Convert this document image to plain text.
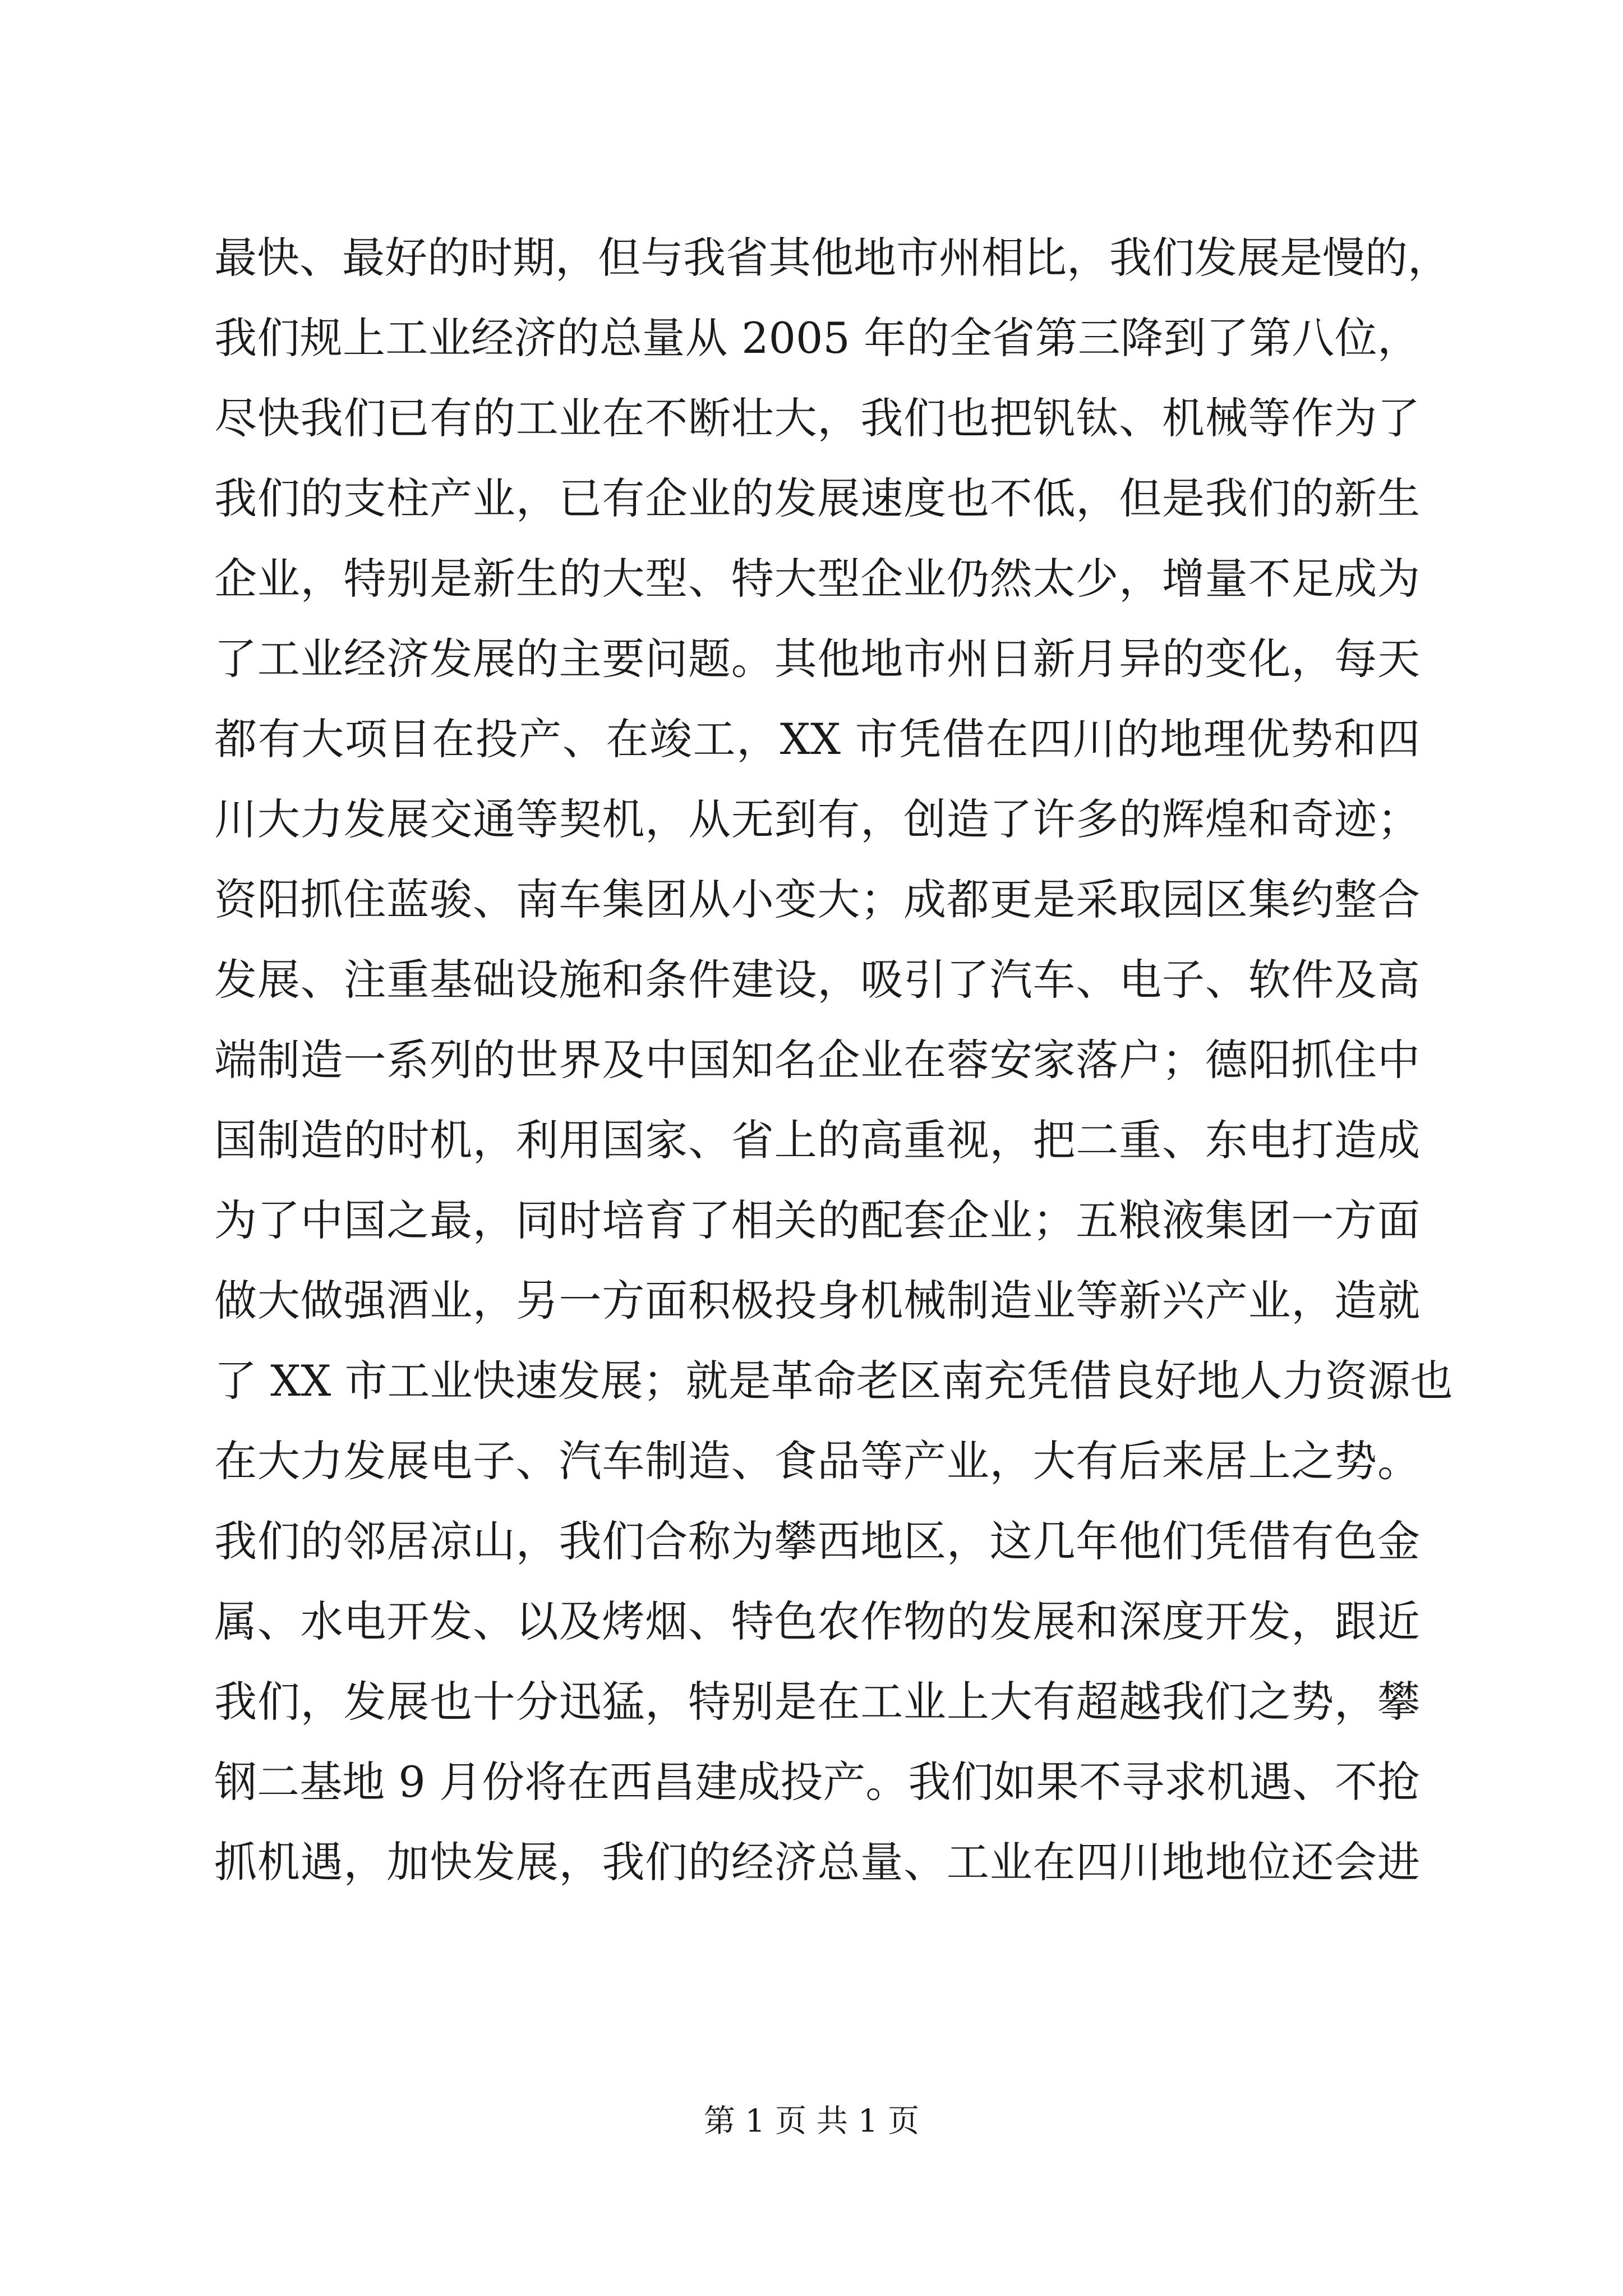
最快、最好的时期，但与我省其他地市州相比，我们发展是慢的，
我们规上工业经济的总量从 2005 年的全省第三降到了第八位，
尽快我们已有的工业在不断壮大，我们也把钒钛、机械等作为了
我们的支柱产业，已有企业的发展速度也不低，但是我们的新生
企业，特别是新生的大型、特大型企业仍然太少，增量不足成为
了工业经济发展的主要问题。其他地市州日新月异的变化，每天
都有大项目在投产、在竣工，XX 市凭借在四川的地理优势和四
川大力发展交通等契机，从无到有，创造了许多的辉煌和奇迹；
资阳抓住蓝骏、南车集团从小变大；成都更是采取园区集约整合
发展、注重基础设施和条件建设，吸引了汽车、电子、软件及高
端制造一系列的世界及中国知名企业在蓉安家落户；德阳抓住中
国制造的时机，利用国家、省上的高重视，把二重、东电打造成
为了中国之最，同时培育了相关的配套企业；五粮液集团一方面
做大做强酒业，另一方面积极投身机械制造业等新兴产业，造就
了 XX 市工业快速发展；就是革命老区南充凭借良好地人力资源也
在大力发展电子、汽车制造、食品等产业，大有后来居上之势。
我们的邻居凉山，我们合称为攀西地区，这几年他们凭借有色金
属、水电开发、以及烤烟、特色农作物的发展和深度开发，跟近
我们，发展也十分迅猛，特别是在工业上大有超越我们之势，攀
钢二基地 9 月份将在西昌建成投产。我们如果不寻求机遇、不抢
抓机遇，加快发展，我们的经济总量、工业在四川地地位还会进
第 1 页 共 1 页
